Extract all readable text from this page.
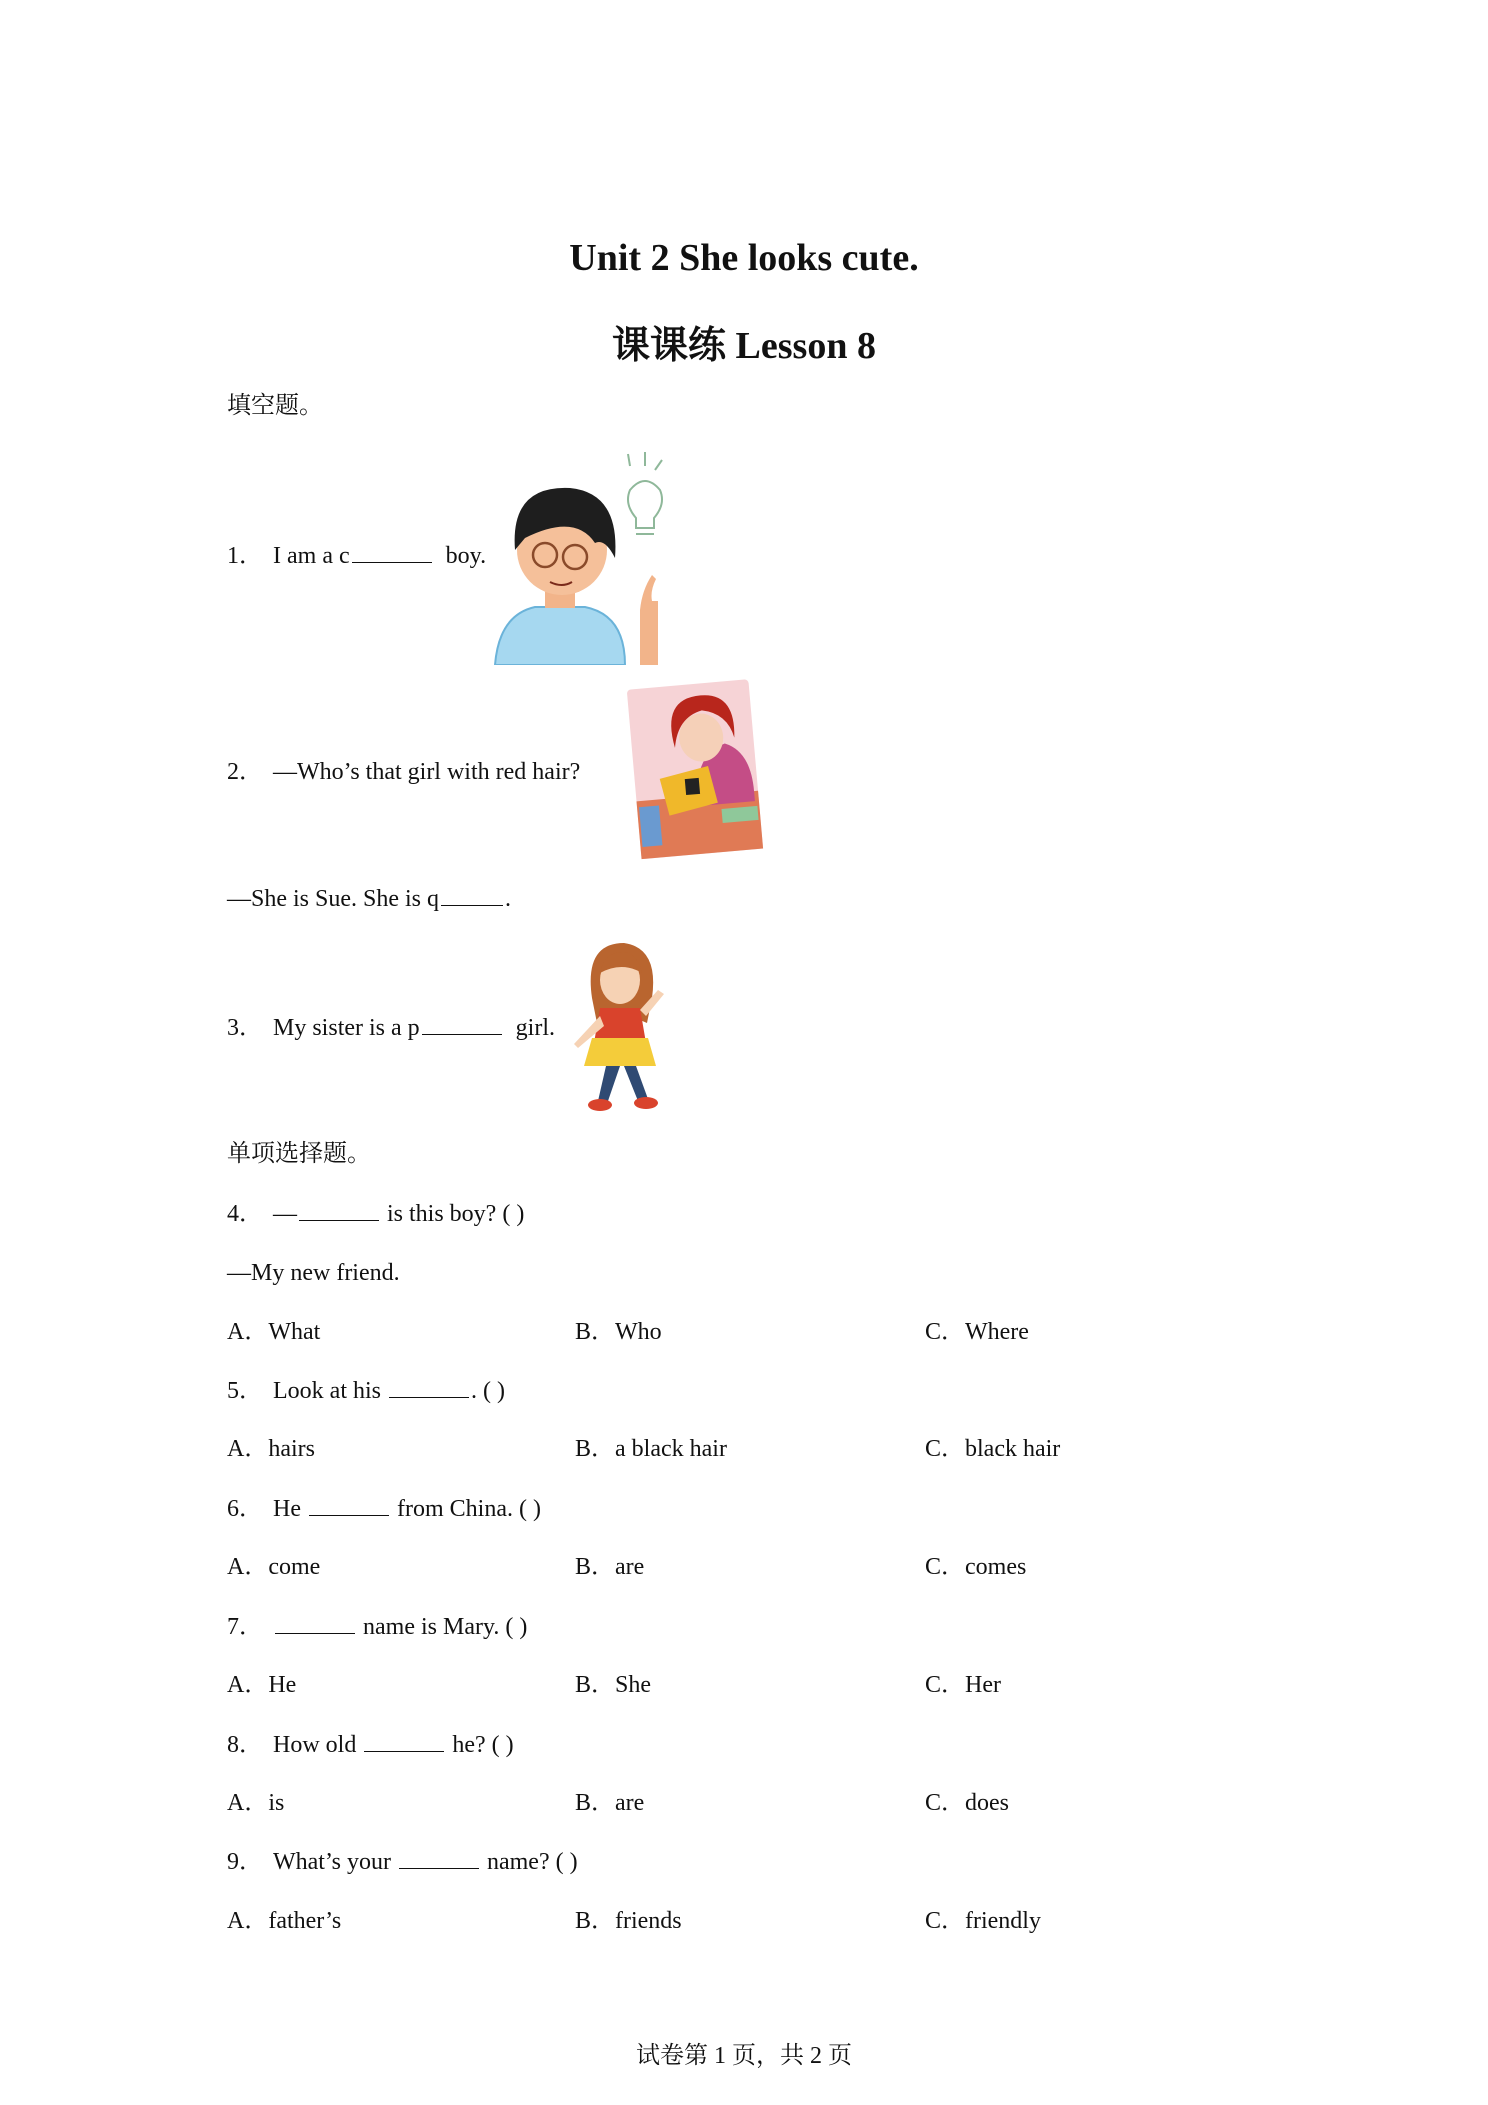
Unit 2 She looks cute.
课课练 Lesson 8
填空题。
1． I am a c	boy.
2． —Who’s that girl with red hair?
—She is Sue. She is q	.
3． My sister is a p	girl.
单项选择题。
4． —	is this boy? ( )
—My new friend.
A．What	B．Who	C．Where
5． Look at his	. ( )
A．hairs	B．a black hair	C．black hair
6． He	from China. ( )
A．come	B．are	C．comes
7．	name is Mary. ( )
A．He	B．She	C．Her
8． How old	he? ( )
A．is	B．are	C．does
9． What’s your	name? ( )
A．father’s	B．friends	C．friendly
试卷第 1 页，共 2 页
